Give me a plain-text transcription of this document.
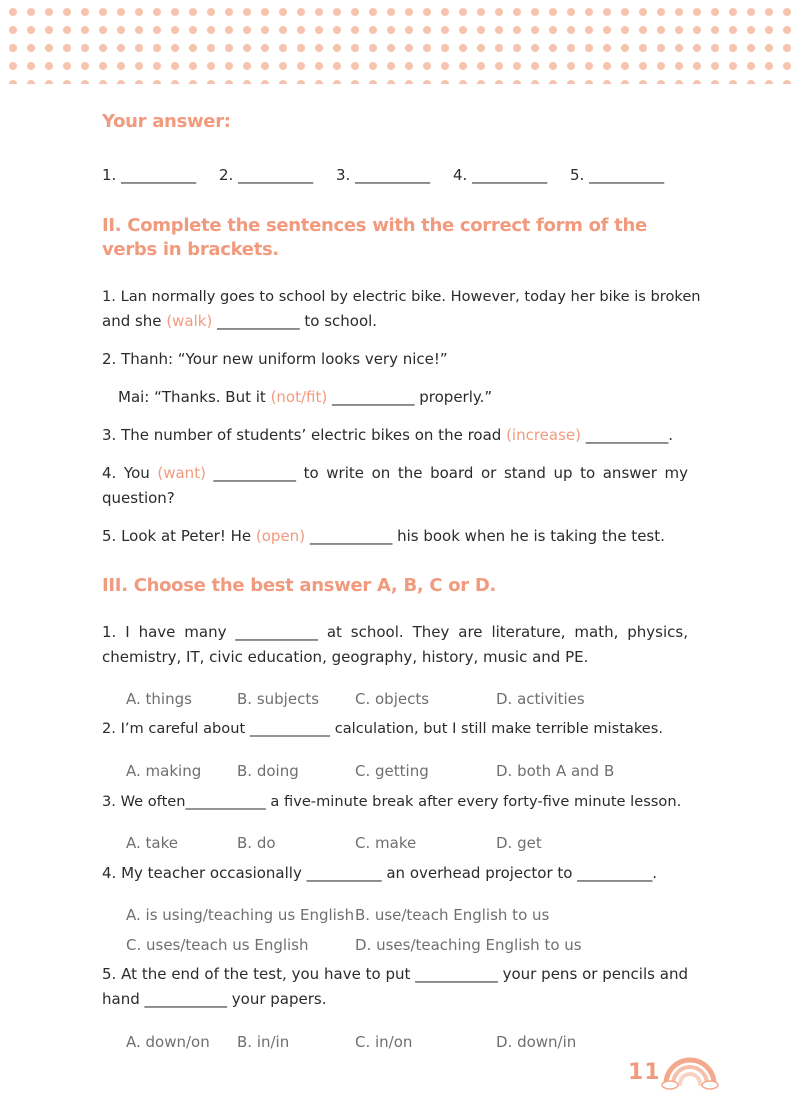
Your answer:
1. __________ 2. __________ 3. __________ 4. __________ 5. __________
II. Complete the sentences with the correct form of the verbs in brackets.
1. Lan normally goes to school by electric bike. However, today her bike is broken
and she (walk) ___________ to school.
2. Thanh: “Your new uniform looks very nice!”
Mai: “Thanks. But it (not/fit) ___________ properly.”
3. The number of students’ electric bikes on the road (increase) ___________.
4. You (want) ___________ to write on the board or stand up to answer my
question?
5. Look at Peter! He (open) ___________ his book when he is taking the test.
III. Choose the best answer A, B, C or D.
1. I have many ___________ at school. They are literature, math, physics,
chemistry, IT, civic education, geography, history, music and PE.
A. things	B. subjects C. objects	D. activities
2. I’m careful about ___________ calculation, but I still make terrible mistakes.
A. making B. doing	C. getting	D. both A and B
3. We often___________ a five-minute break after every forty-five minute lesson.
A. take	B. do	C. make	D. get
4. My teacher occasionally __________ an overhead projector to __________.
A. is using/teaching us English B. use/teach English to us
C. uses/teach us English	D. uses/teaching English to us
5. At the end of the test, you have to put ___________ your pens or pencils and
hand ___________ your papers.
A. down/on B. in/in	C. in/on	D. down/in
11
